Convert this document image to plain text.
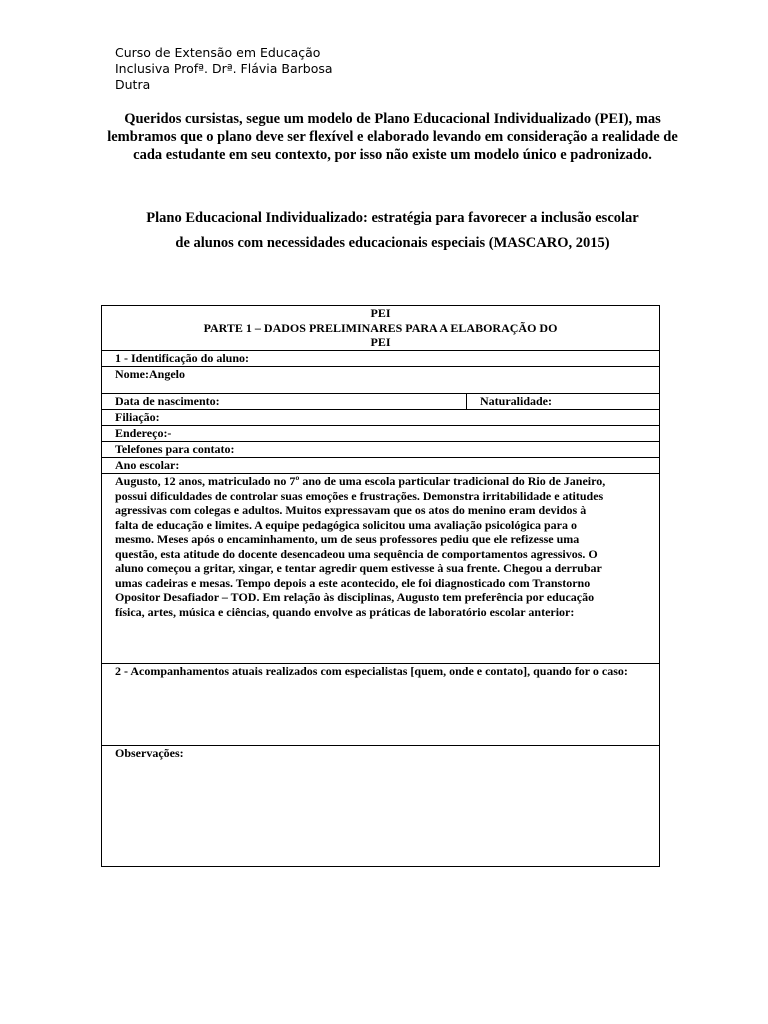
Curso de Extensão em Educação
Inclusiva Profª. Drª. Flávia Barbosa
Dutra
Queridos cursistas, segue um modelo de Plano Educacional Individualizado (PEI), mas lembramos que o plano deve ser flexível e elaborado levando em consideração a realidade de cada estudante em seu contexto, por isso não existe um modelo único e padronizado.
Plano Educacional Individualizado: estratégia para favorecer a inclusão escolar
de alunos com necessidades educacionais especiais (MASCARO, 2015)
PEI
PARTE 1 – DADOS PRELIMINARES PARA A ELABORAÇÃO DO
PEI

1 - Identificação do aluno:
Nome:Angelo
Data de nascimento:	Naturalidade:
Filiação:
Endereço:-
Telefones para contato:
Ano escolar:
Augusto, 12 anos, matriculado no 7º ano de uma escola particular tradicional do Rio de Janeiro, possui dificuldades de controlar suas emoções e frustrações. Demonstra irritabilidade e atitudes agressivas com colegas e adultos. Muitos expressavam que os atos do menino eram devidos à falta de educação e limites. A equipe pedagógica solicitou uma avaliação psicológica para o mesmo. Meses após o encaminhamento, um de seus professores pediu que ele refizesse uma questão, esta atitude do docente desencadeou uma sequência de comportamentos agressivos. O aluno começou a gritar, xingar, e tentar agredir quem estivesse à sua frente. Chegou a derrubar umas cadeiras e mesas. Tempo depois a este acontecido, ele foi diagnosticado com Transtorno Opositor Desafiador – TOD. Em relação às disciplinas, Augusto tem preferência por educação física, artes, música e ciências, quando envolve as práticas de laboratório escolar anterior:
2 - Acompanhamentos atuais realizados com especialistas [quem, onde e contato], quando for o caso:
Observações:
